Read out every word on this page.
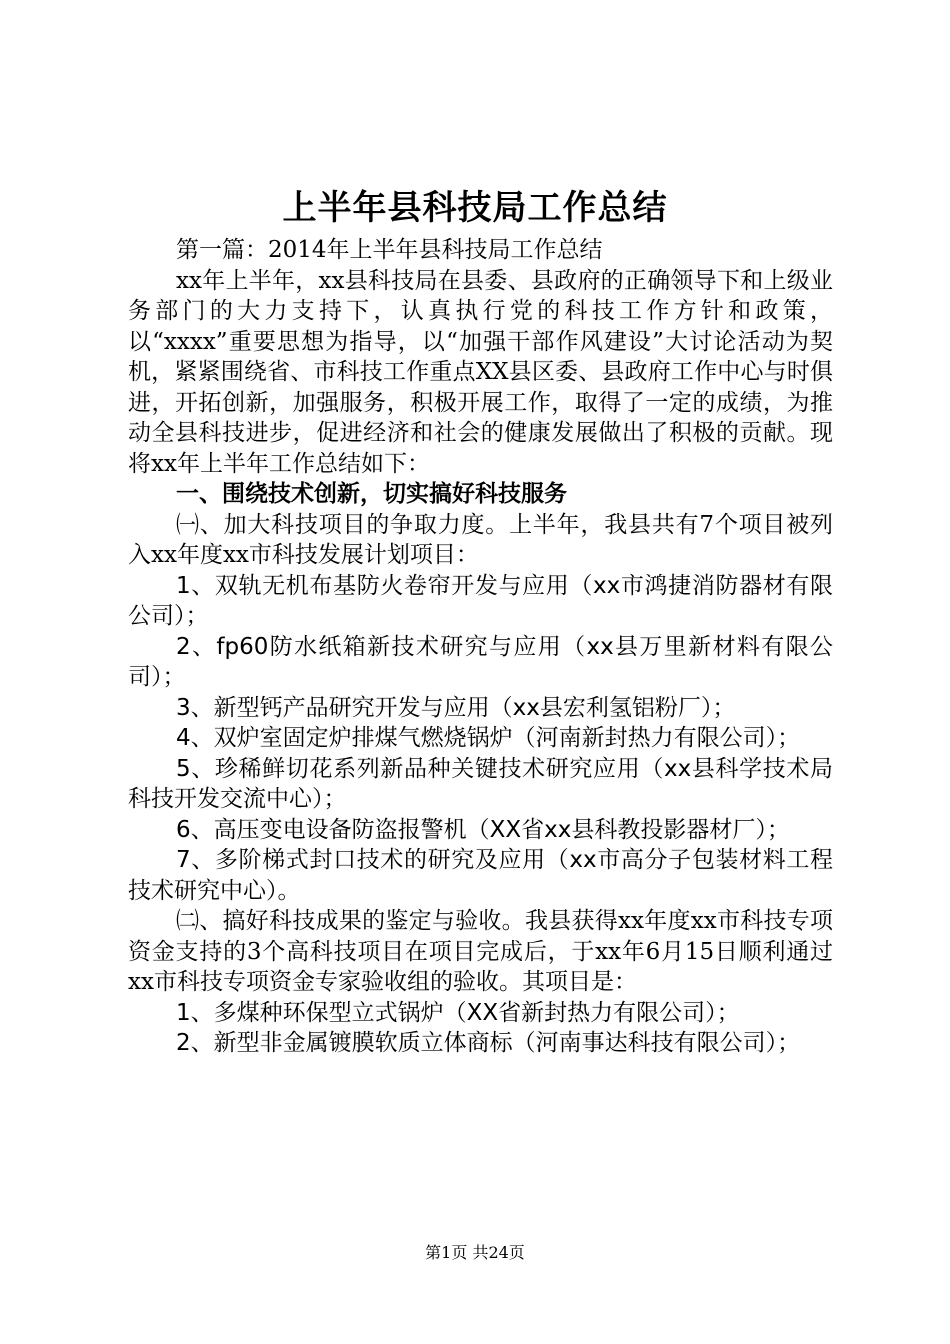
上半年县科技局工作总结

第一篇：2014年上半年县科技局工作总结

xx年上半年，xx县科技局在县委、县政府的正确领导下和上级业务部门的大力支持下，认真执行党的科技工作方针和政策，以“xxxx”重要思想为指导，以“加强干部作风建设”大讨论活动为契机，紧紧围绕省、市科技工作重点XX县区委、县政府工作中心与时俱进，开拓创新，加强服务，积极开展工作，取得了一定的成绩，为推动全县科技进步，促进经济和社会的健康发展做出了积极的贡献。现将xx年上半年工作总结如下：

一、围绕技术创新，切实搞好科技服务

㈠、加大科技项目的争取力度。上半年，我县共有7个项目被列入xx年度xx市科技发展计划项目：

1、双轨无机布基防火卷帘开发与应用（xx市鸿捷消防器材有限公司）；

2、fp60防水纸箱新技术研究与应用（xx县万里新材料有限公司）；

3、新型钙产品研究开发与应用（xx县宏利氢铝粉厂）；

4、双炉室固定炉排煤气燃烧锅炉（河南新封热力有限公司）；

5、珍稀鲜切花系列新品种关键技术研究应用（xx县科学技术局科技开发交流中心）；

6、高压变电设备防盗报警机（XX省xx县科教投影器材厂）；

7、多阶梯式封口技术的研究及应用（xx市高分子包装材料工程技术研究中心）。

㈡、搞好科技成果的鉴定与验收。我县获得xx年度xx市科技专项资金支持的3个高科技项目在项目完成后，于xx年6月15日顺利通过xx市科技专项资金专家验收组的验收。其项目是：

1、多煤种环保型立式锅炉（XX省新封热力有限公司）；

2、新型非金属镀膜软质立体商标（河南事达科技有限公司）；

第1页 共24页
